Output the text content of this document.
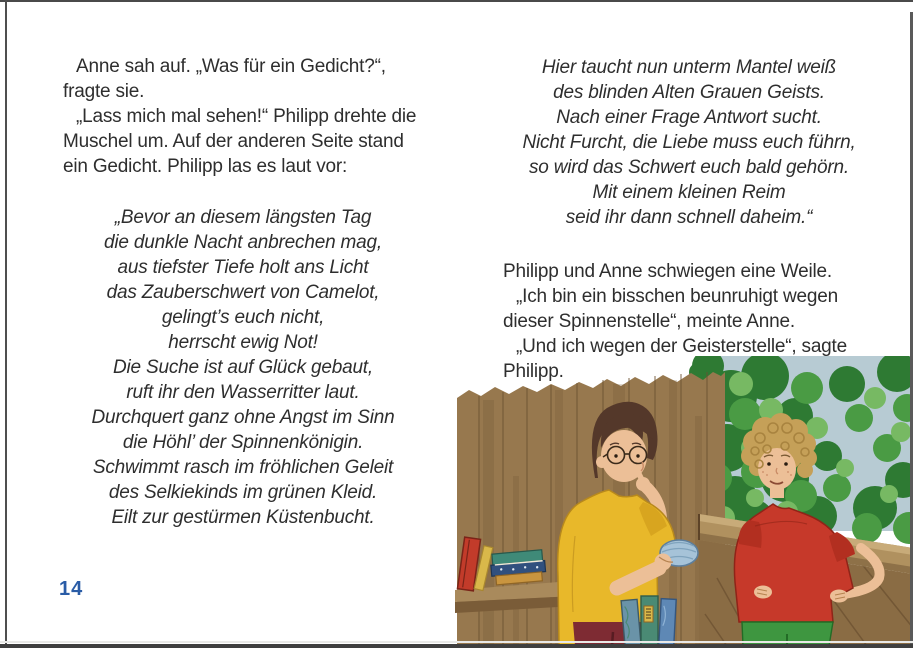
Anne sah auf. „Was für ein Gedicht?“,
fragte sie.
„Lass mich mal sehen!“ Philipp drehte die
Muschel um. Auf der anderen Seite stand
ein Gedicht. Philipp las es laut vor:
„Bevor an diesem längsten Tag
die dunkle Nacht anbrechen mag,
aus tiefster Tiefe holt ans Licht
das Zauberschwert von Camelot,
gelingt’s euch nicht,
herrscht ewig Not!
Die Suche ist auf Glück gebaut,
ruft ihr den Wasserritter laut.
Durchquert ganz ohne Angst im Sinn
die Höhl’ der Spinnenkönigin.
Schwimmt rasch im fröhlichen Geleit
des Selkiekinds im grünen Kleid.
Eilt zur gestürmen Küstenbucht.
14
Hier taucht nun unterm Mantel weiß
des blinden Alten Grauen Geists.
Nach einer Frage Antwort sucht.
Nicht Furcht, die Liebe muss euch führn,
so wird das Schwert euch bald gehörn.
Mit einem kleinen Reim
seid ihr dann schnell daheim.“
Philipp und Anne schwiegen eine Weile.
„Ich bin ein bisschen beunruhigt wegen
dieser Spinnenstelle“, meinte Anne.
„Und ich wegen der Geisterstelle“, sagte
Philipp.
